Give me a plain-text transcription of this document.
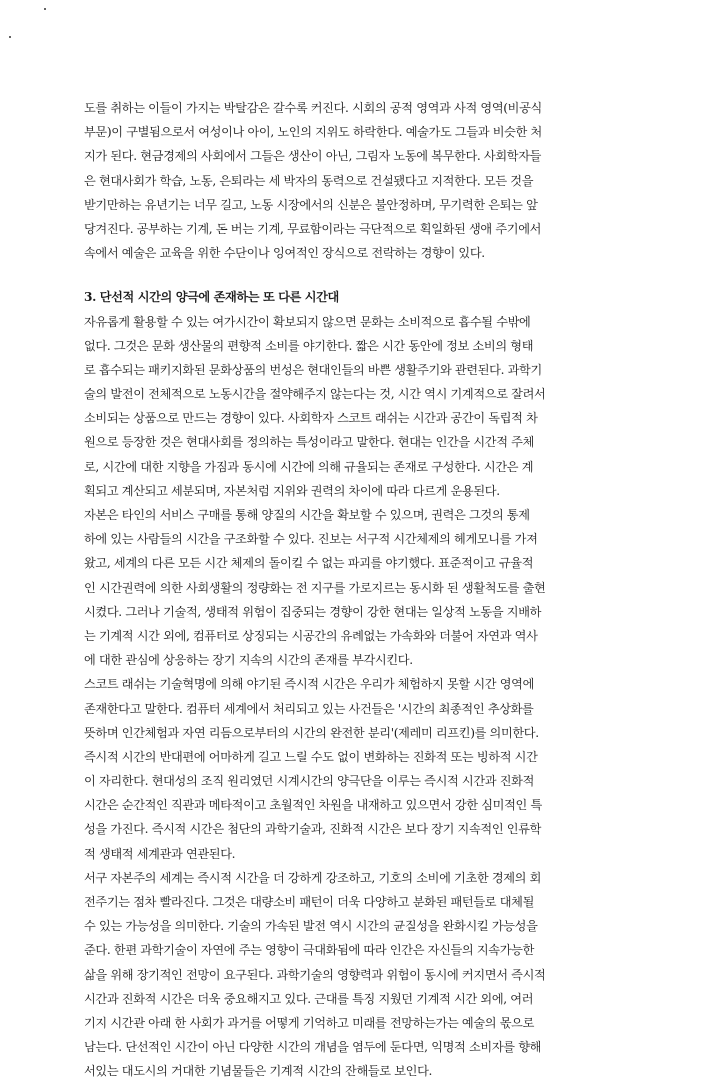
도를 취하는 이들이 가지는 박탈감은 갈수록 커진다. 시회의 공적 영역과 사적 영역(비공식
부문)이 구별됨으로서 여성이나 아이, 노인의 지위도 하락한다. 예술가도 그들과 비슷한 처
지가 된다. 현금경제의 사회에서 그들은 생산이 아닌, 그림자 노동에 복무한다. 사회학자들
은 현대사회가 학습, 노동, 은퇴라는 세 박자의 동력으로 건설됐다고 지적한다. 모든 것을
받기만하는 유년기는 너무 길고, 노동 시장에서의 신분은 불안정하며, 무기력한 은퇴는 앞
당겨진다. 공부하는 기계, 돈 버는 기계, 무료함이라는 극단적으로 획일화된 생애 주기에서
속에서 예술은 교육을 위한 수단이나 잉여적인 장식으로 전락하는 경향이 있다.
3. 단선적 시간의 양극에 존재하는 또 다른 시간대
자유롭게 활용할 수 있는 여가시간이 확보되지 않으면 문화는 소비적으로 흡수될 수밖에
없다. 그것은 문화 생산물의 편향적 소비를 야기한다. 짧은 시간 동안에 정보 소비의 형태
로 흡수되는 패키지화된 문화상품의 번성은 현대인들의 바쁜 생활주기와 관련된다. 과학기
술의 발전이 전체적으로 노동시간을 절약해주지 않는다는 것, 시간 역시 기계적으로 잘려서
소비되는 상품으로 만드는 경향이 있다. 사회학자 스코트 래쉬는 시간과 공간이 독립적 차
원으로 등장한 것은 현대사회를 정의하는 특성이라고 말한다. 현대는 인간을 시간적 주체
로, 시간에 대한 지향을 가짐과 동시에 시간에 의해 규율되는 존재로 구성한다. 시간은 계
획되고 계산되고 세분되며, 자본처럼 지위와 권력의 차이에 따라 다르게 운용된다.
자본은 타인의 서비스 구매를 통해 양질의 시간을 확보할 수 있으며, 권력은 그것의 통제
하에 있는 사람들의 시간을 구조화할 수 있다. 진보는 서구적 시간체제의 헤게모니를 가져
왔고, 세계의 다른 모든 시간 체제의 돌이킬 수 없는 파괴를 야기했다. 표준적이고 규율적
인 시간권력에 의한 사회생활의 정량화는 전 지구를 가로지르는 동시화 된 생활척도를 출현
시켰다. 그러나 기술적, 생태적 위험이 집중되는 경향이 강한 현대는 일상적 노동을 지배하
는 기계적 시간 외에, 컴퓨터로 상징되는 시공간의 유례없는 가속화와 더불어 자연과 역사
에 대한 관심에 상응하는 장기 지속의 시간의 존재를 부각시킨다.
스코트 래쉬는 기술혁명에 의해 야기된 즉시적 시간은 우리가 체험하지 못할 시간 영역에
존재한다고 말한다. 컴퓨터 세계에서 처리되고 있는 사건들은 '시간의 최종적인 추상화를
뜻하며 인간체험과 자연 리듬으로부터의 시간의 완전한 분리'(제레미 리프킨)를 의미한다.
즉시적 시간의 반대편에 어마하게 길고 느릴 수도 없이 변화하는 진화적 또는 빙하적 시간
이 자리한다. 현대성의 조직 원리였던 시계시간의 양극단을 이루는 즉시적 시간과 진화적
시간은 순간적인 직관과 메타적이고 초월적인 차원을 내재하고 있으면서 강한 심미적인 특
성을 가진다. 즉시적 시간은 첨단의 과학기술과, 진화적 시간은 보다 장기 지속적인 인류학
적 생태적 세계관과 연관된다.
서구 자본주의 세계는 즉시적 시간을 더 강하게 강조하고, 기호의 소비에 기초한 경제의 회
전주기는 점차 빨라진다. 그것은 대량소비 패턴이 더욱 다양하고 분화된 패턴들로 대체될
수 있는 가능성을 의미한다. 기술의 가속된 발전 역시 시간의 균질성을 완화시킬 가능성을
준다. 한편 과학기술이 자연에 주는 영향이 극대화됨에 따라 인간은 자신들의 지속가능한
삶을 위해 장기적인 전망이 요구된다. 과학기술의 영향력과 위험이 동시에 커지면서 즉시적
시간과 진화적 시간은 더욱 중요해지고 있다. 근대를 특징 지웠던 기계적 시간 외에, 여러
기지 시간관 아래 한 사회가 과거를 어떻게 기억하고 미래를 전망하는가는 예술의 몫으로
남는다. 단선적인 시간이 아닌 다양한 시간의 개념을 염두에 둔다면, 익명적 소비자를 향해
서있는 대도시의 거대한 기념물들은 기계적 시간의 잔해들로 보인다.
